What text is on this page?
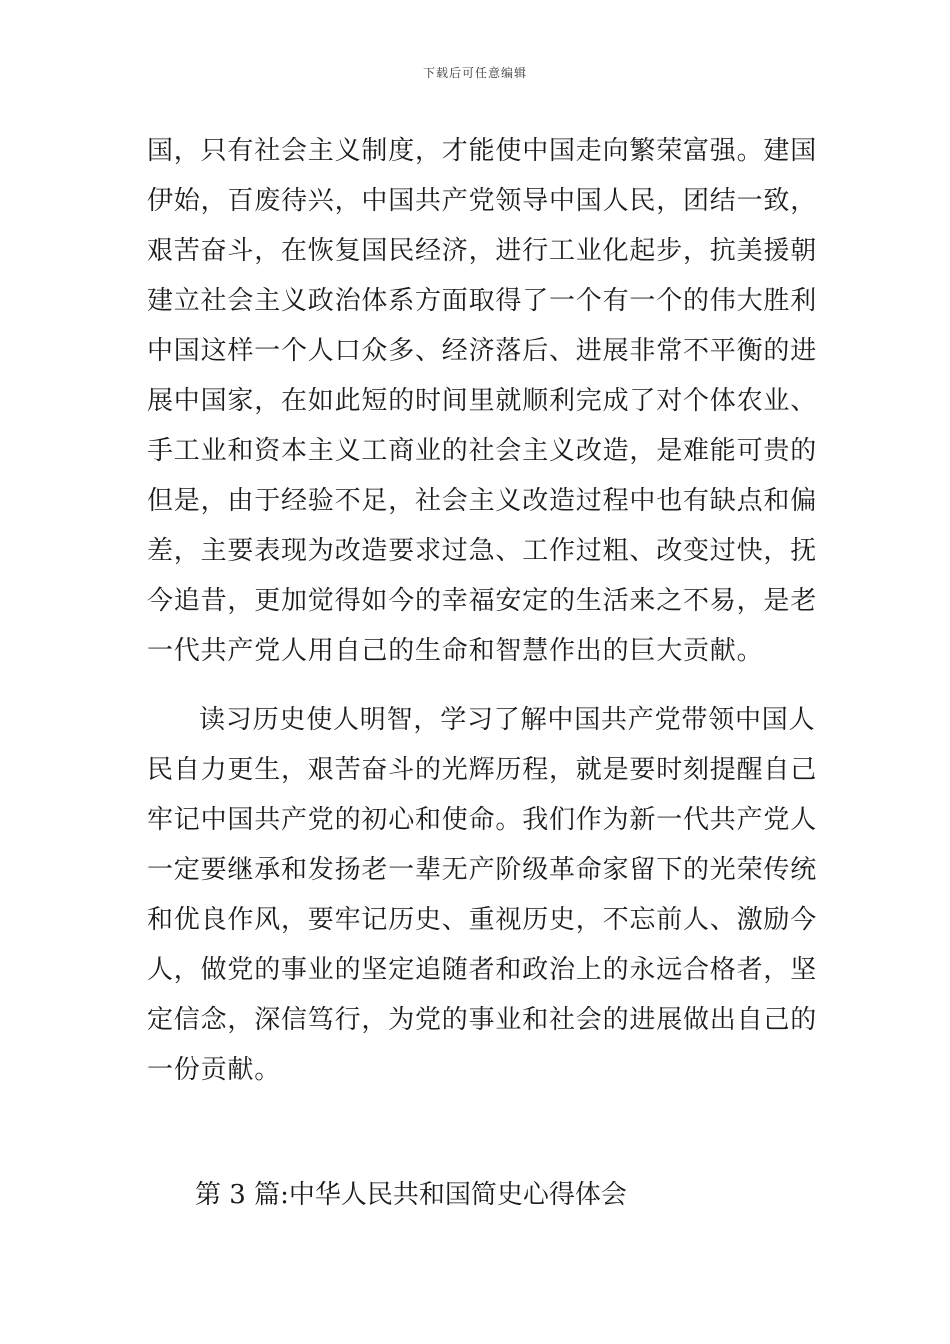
下载后可任意编辑
国，只有社会主义制度，才能使中国走向繁荣富强。建国
伊始，百废待兴，中国共产党领导中国人民，团结一致，
艰苦奋斗，在恢复国民经济，进行工业化起步，抗美援朝
建立社会主义政治体系方面取得了一个有一个的伟大胜利
中国这样一个人口众多、经济落后、进展非常不平衡的进
展中国家，在如此短的时间里就顺利完成了对个体农业、
手工业和资本主义工商业的社会主义改造，是难能可贵的
但是，由于经验不足，社会主义改造过程中也有缺点和偏
差，主要表现为改造要求过急、工作过粗、改变过快，抚
今追昔，更加觉得如今的幸福安定的生活来之不易，是老
一代共产党人用自己的生命和智慧作出的巨大贡献。
读习历史使人明智，学习了解中国共产党带领中国人
民自力更生，艰苦奋斗的光辉历程，就是要时刻提醒自己
牢记中国共产党的初心和使命。我们作为新一代共产党人
一定要继承和发扬老一辈无产阶级革命家留下的光荣传统
和优良作风，要牢记历史、重视历史，不忘前人、激励今
人，做党的事业的坚定追随者和政治上的永远合格者，坚
定信念，深信笃行，为党的事业和社会的进展做出自己的
一份贡献。
第 3 篇:中华人民共和国简史心得体会
